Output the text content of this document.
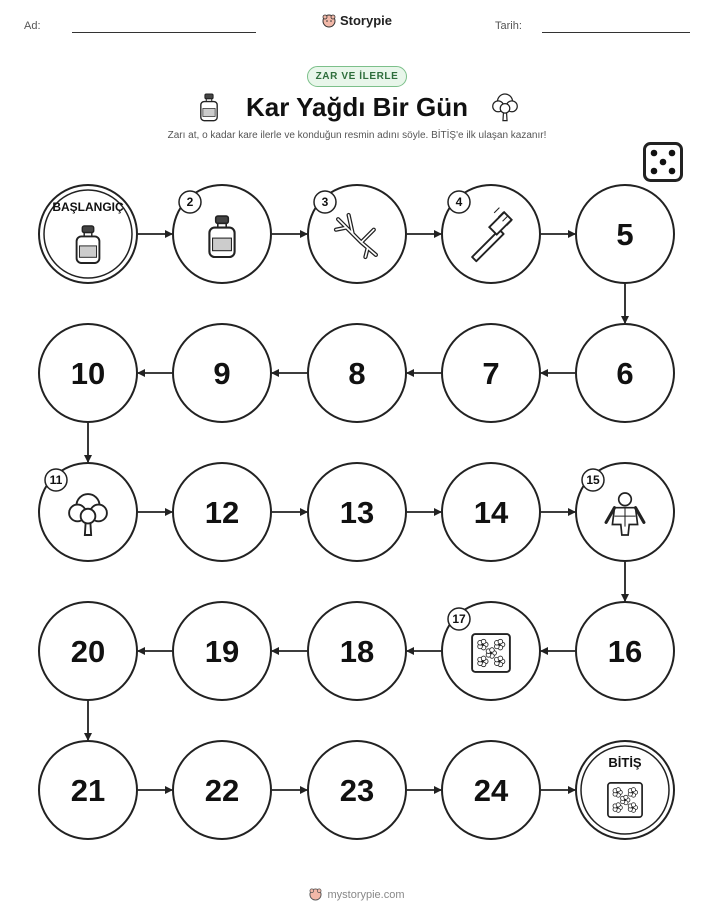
Ad:	Storypie	Tarih:
ZAR VE İLERLE
Kar Yağdı Bir Gün
Zarı at, o kadar kare ilerle ve konduğun resmin adını söyle. BİTİŞ'e ilk ulaşan kazanır!
BAŞLANGIÇ	2	3	4
5
6
7
8
9
10
11
12	13	14
15
16
17
18
19
20
21	22	23	24
BİTİŞ
mystorypie.com
